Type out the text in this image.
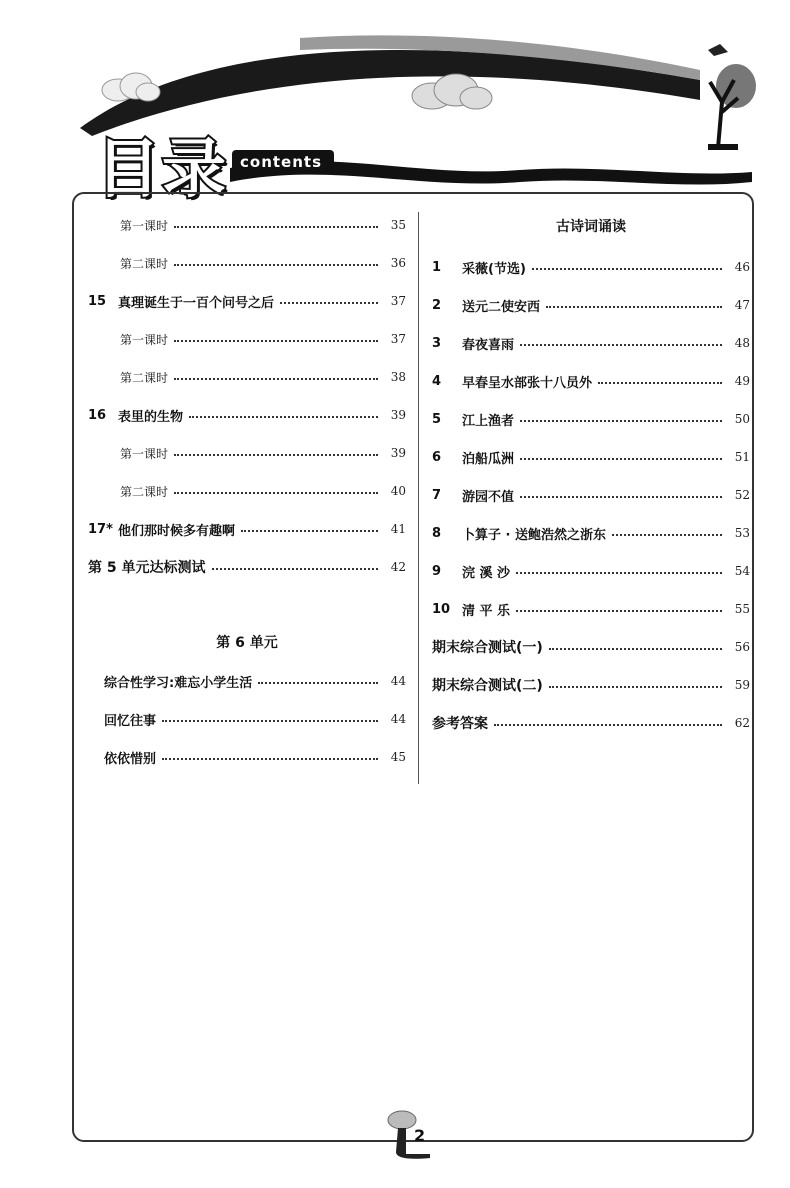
目录 contents
第一课时	35
第二课时	36
15 真理诞生于一百个问号之后	37
第一课时	37
第二课时	38
16 表里的生物	39
第一课时	39
第二课时	40
17* 他们那时候多有趣啊	41
第 5 单元达标测试	42
第 6 单元
综合性学习:难忘小学生活	44
回忆往事	44
依依惜别	45
古诗词诵读
1	采薇(节选)	46
2	送元二使安西	47
3	春夜喜雨	48
4	早春呈水部张十八员外	49
5	江上渔者	50
6	泊船瓜洲	51
7	游园不值	52
8	卜算子 · 送鲍浩然之浙东	53
9	浣 溪 沙	54
10 清 平 乐	55
期末综合测试(一)	56
期末综合测试(二)	59
参考答案	62
2
